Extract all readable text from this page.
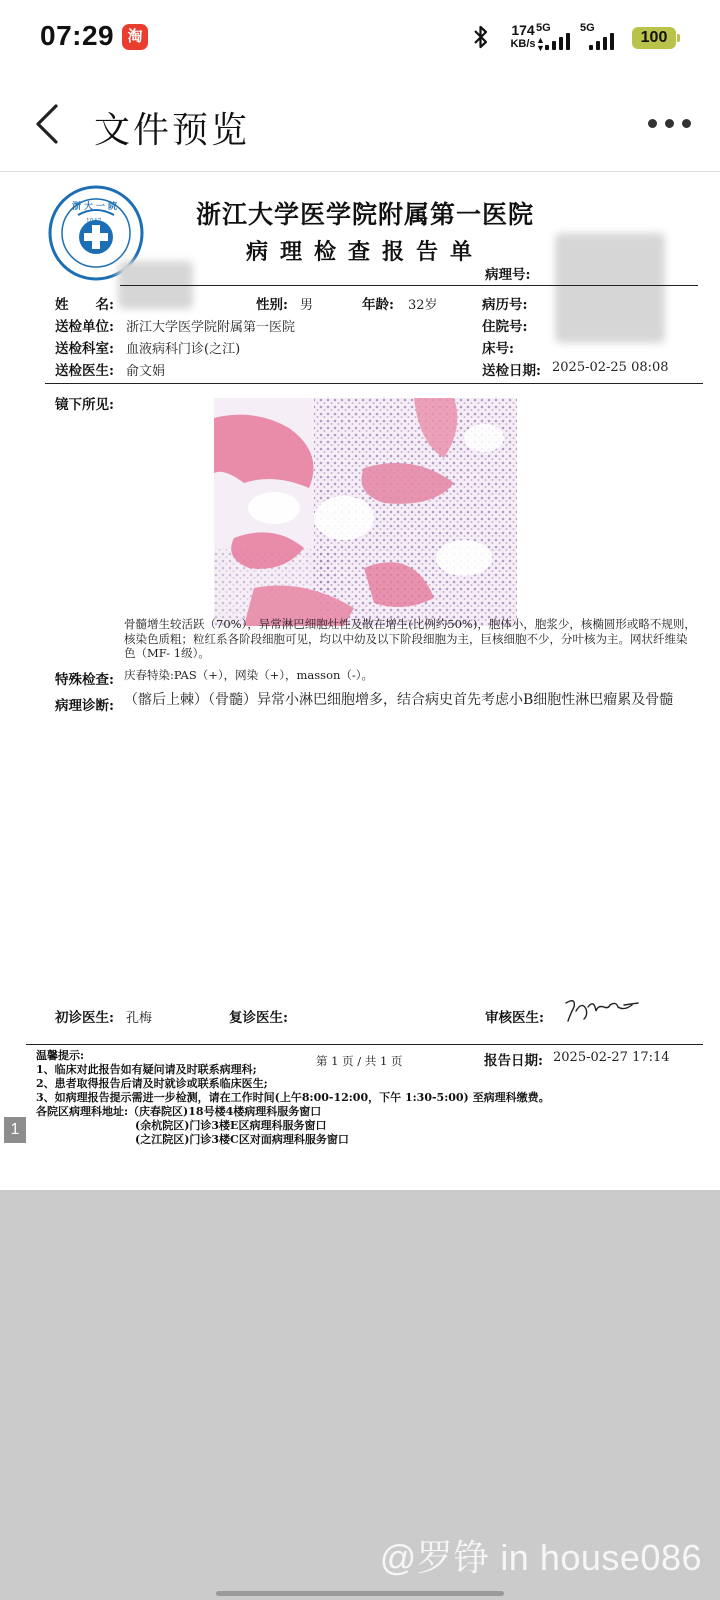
07:29 淘	174
KB/s
5G
▲
▼
5G
100
文件预览
浙大一院
1947	浙江大学医学院附属第一医院
病理检查报告单
病理号:
姓　　名:	性别: 男	年龄: 32岁	病历号:
送检单位: 浙江大学医学院附属第一医院	住院号:
送检科室: 血液病科门诊(之江)	床号:
送检医生: 俞文娟	送检日期: 2025-02-25 08:08
镜下所见:
骨髓增生较活跃（70%），异常淋巴细胞灶性及散在增生(比例约50%)，胞体小，胞浆少，核椭圆形或略不规则，核染色质粗；粒红系各阶段细胞可见，均以中幼及以下阶段细胞为主，巨核细胞不少，分叶核为主。网状纤维染色（MF- 1级）。
特殊检查: 庆春特染:PAS（+），网染（+），masson（-）。
病理诊断: （髂后上棘）（骨髓）异常小淋巴细胞增多，结合病史首先考虑小B细胞性淋巴瘤累及骨髓
初诊医生: 孔梅	复诊医生:	审核医生:
温馨提示:
1、临床对此报告如有疑问请及时联系病理科;
2、患者取得报告后请及时就诊或联系临床医生;
3、如病理报告提示需进一步检测，请在工作时间(上午8:00-12:00，下午 1:30-5:00) 至病理科缴费。
各院区病理科地址:（庆春院区)18号楼4楼病理科服务窗口
　　　　　　　　　(余杭院区)门诊3楼E区病理科服务窗口
　　　　　　　　　(之江院区)门诊3楼C区对面病理科服务窗口
第 1 页 / 共 1 页	报告日期: 2025-02-27 17:14
1
@罗铮 in house086
